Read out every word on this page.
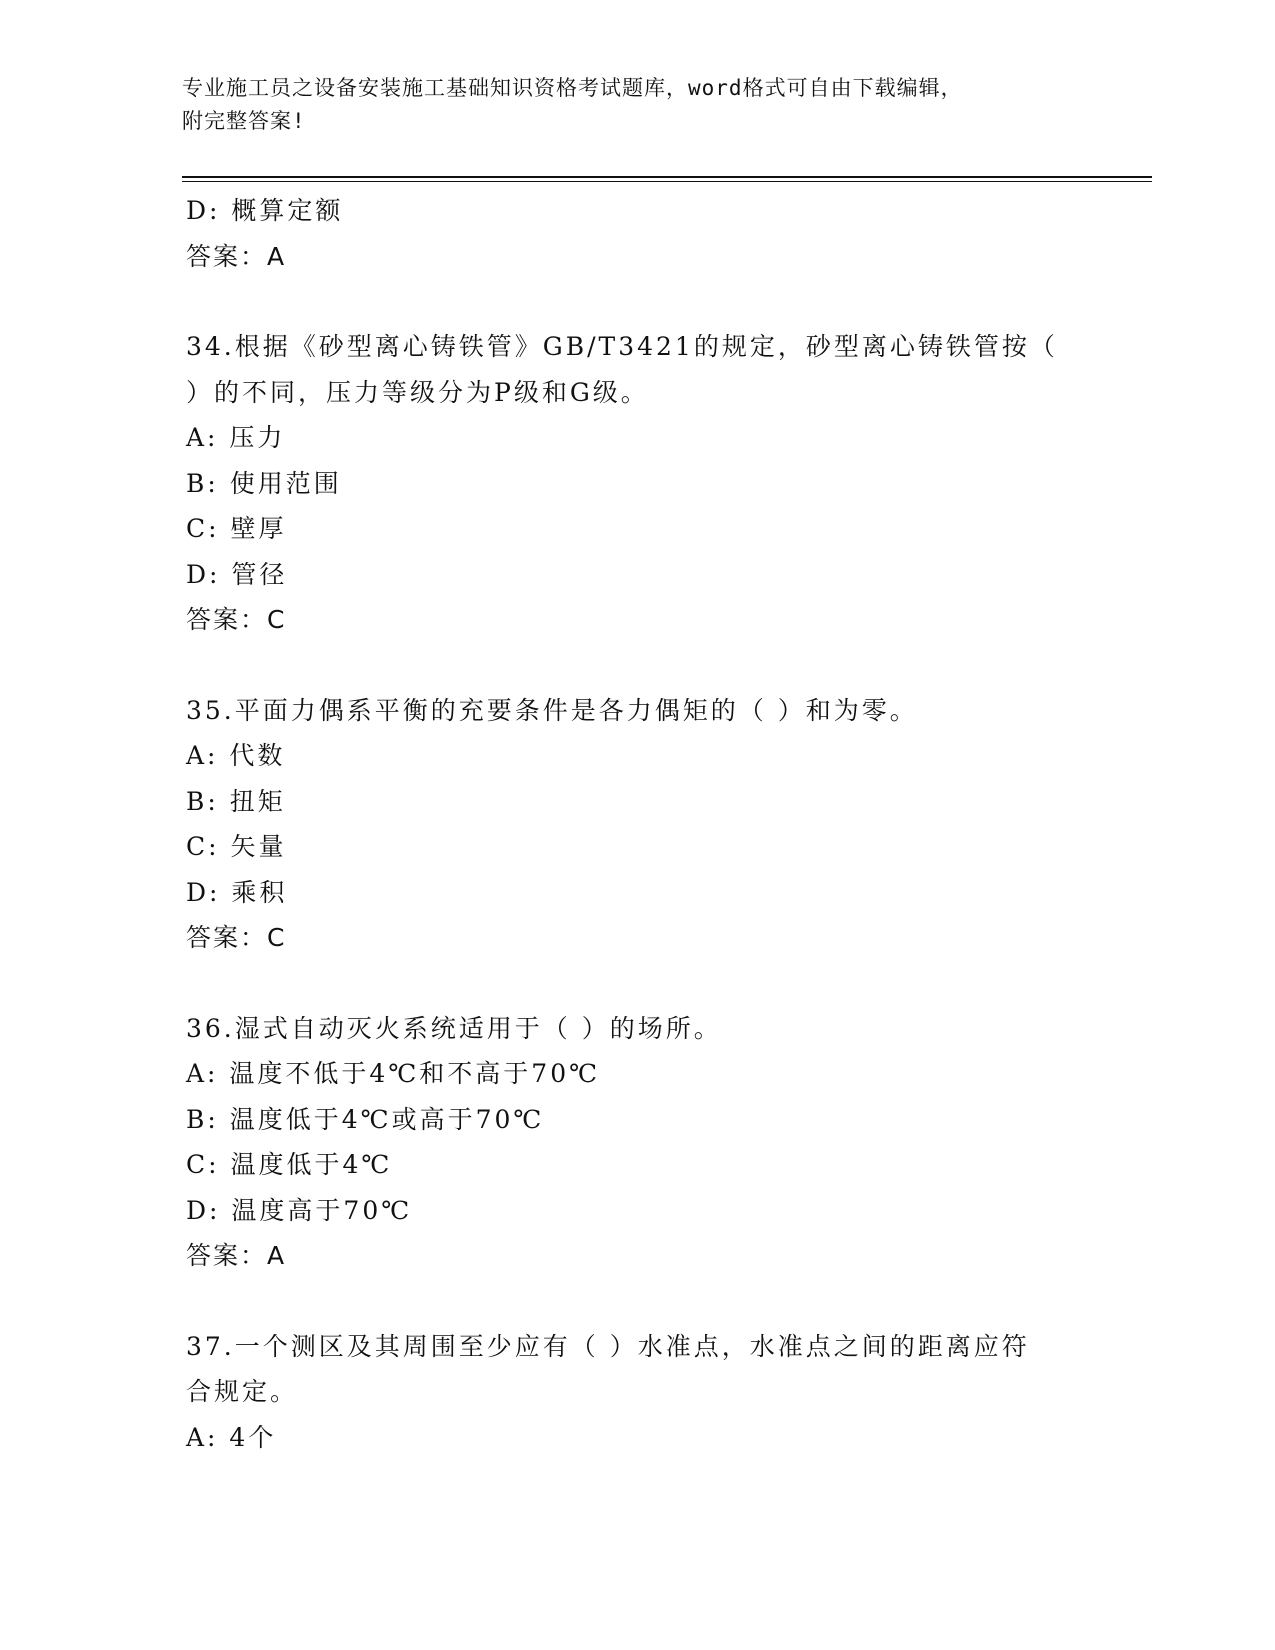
专业施工员之设备安装施工基础知识资格考试题库，word格式可自由下载编辑，
附完整答案!
D: 概算定额
答案：A
34.根据《砂型离心铸铁管》GB/T3421的规定，砂型离心铸铁管按（
）的不同，压力等级分为P级和G级。
A: 压力
B: 使用范围
C: 壁厚
D: 管径
答案：C
35.平面力偶系平衡的充要条件是各力偶矩的（ ）和为零。
A: 代数
B: 扭矩
C: 矢量
D: 乘积
答案：C
36.湿式自动灭火系统适用于（ ）的场所。
A: 温度不低于4℃和不高于70℃
B: 温度低于4℃或高于70℃
C: 温度低于4℃
D: 温度高于70℃
答案：A
37.一个测区及其周围至少应有（ ）水准点，水准点之间的距离应符
合规定。
A: 4个
